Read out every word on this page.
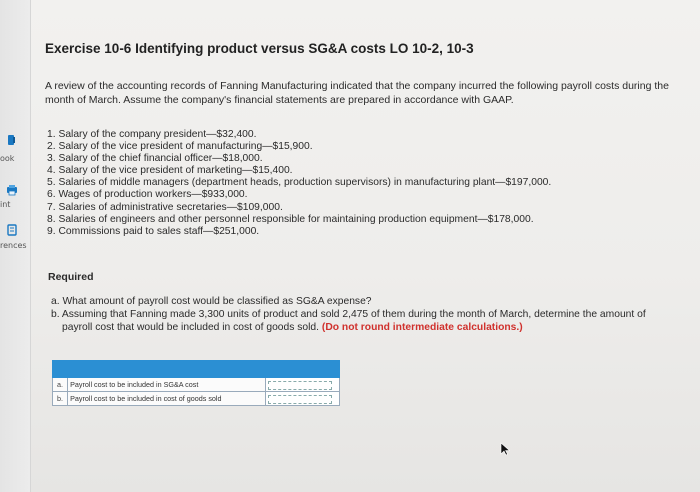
ook
int
rences
Exercise 10-6 Identifying product versus SG&A costs LO 10-2, 10-3
A review of the accounting records of Fanning Manufacturing indicated that the company incurred the following payroll costs during the month of March. Assume the company's financial statements are prepared in accordance with GAAP.
1. Salary of the company president—$32,400.
2. Salary of the vice president of manufacturing—$15,900.
3. Salary of the chief financial officer—$18,000.
4. Salary of the vice president of marketing—$15,400.
5. Salaries of middle managers (department heads, production supervisors) in manufacturing plant—$197,000.
6. Wages of production workers—$933,000.
7. Salaries of administrative secretaries—$109,000.
8. Salaries of engineers and other personnel responsible for maintaining production equipment—$178,000.
9. Commissions paid to sales staff—$251,000.
Required
a. What amount of payroll cost would be classified as SG&A expense?
b. Assuming that Fanning made 3,300 units of product and sold 2,475 of them during the month of March, determine the amount of
payroll cost that would be included in cost of goods sold. (Do not round intermediate calculations.)

a.	Payroll cost to be included in SG&A cost	
b.	Payroll cost to be included in cost of goods sold	
